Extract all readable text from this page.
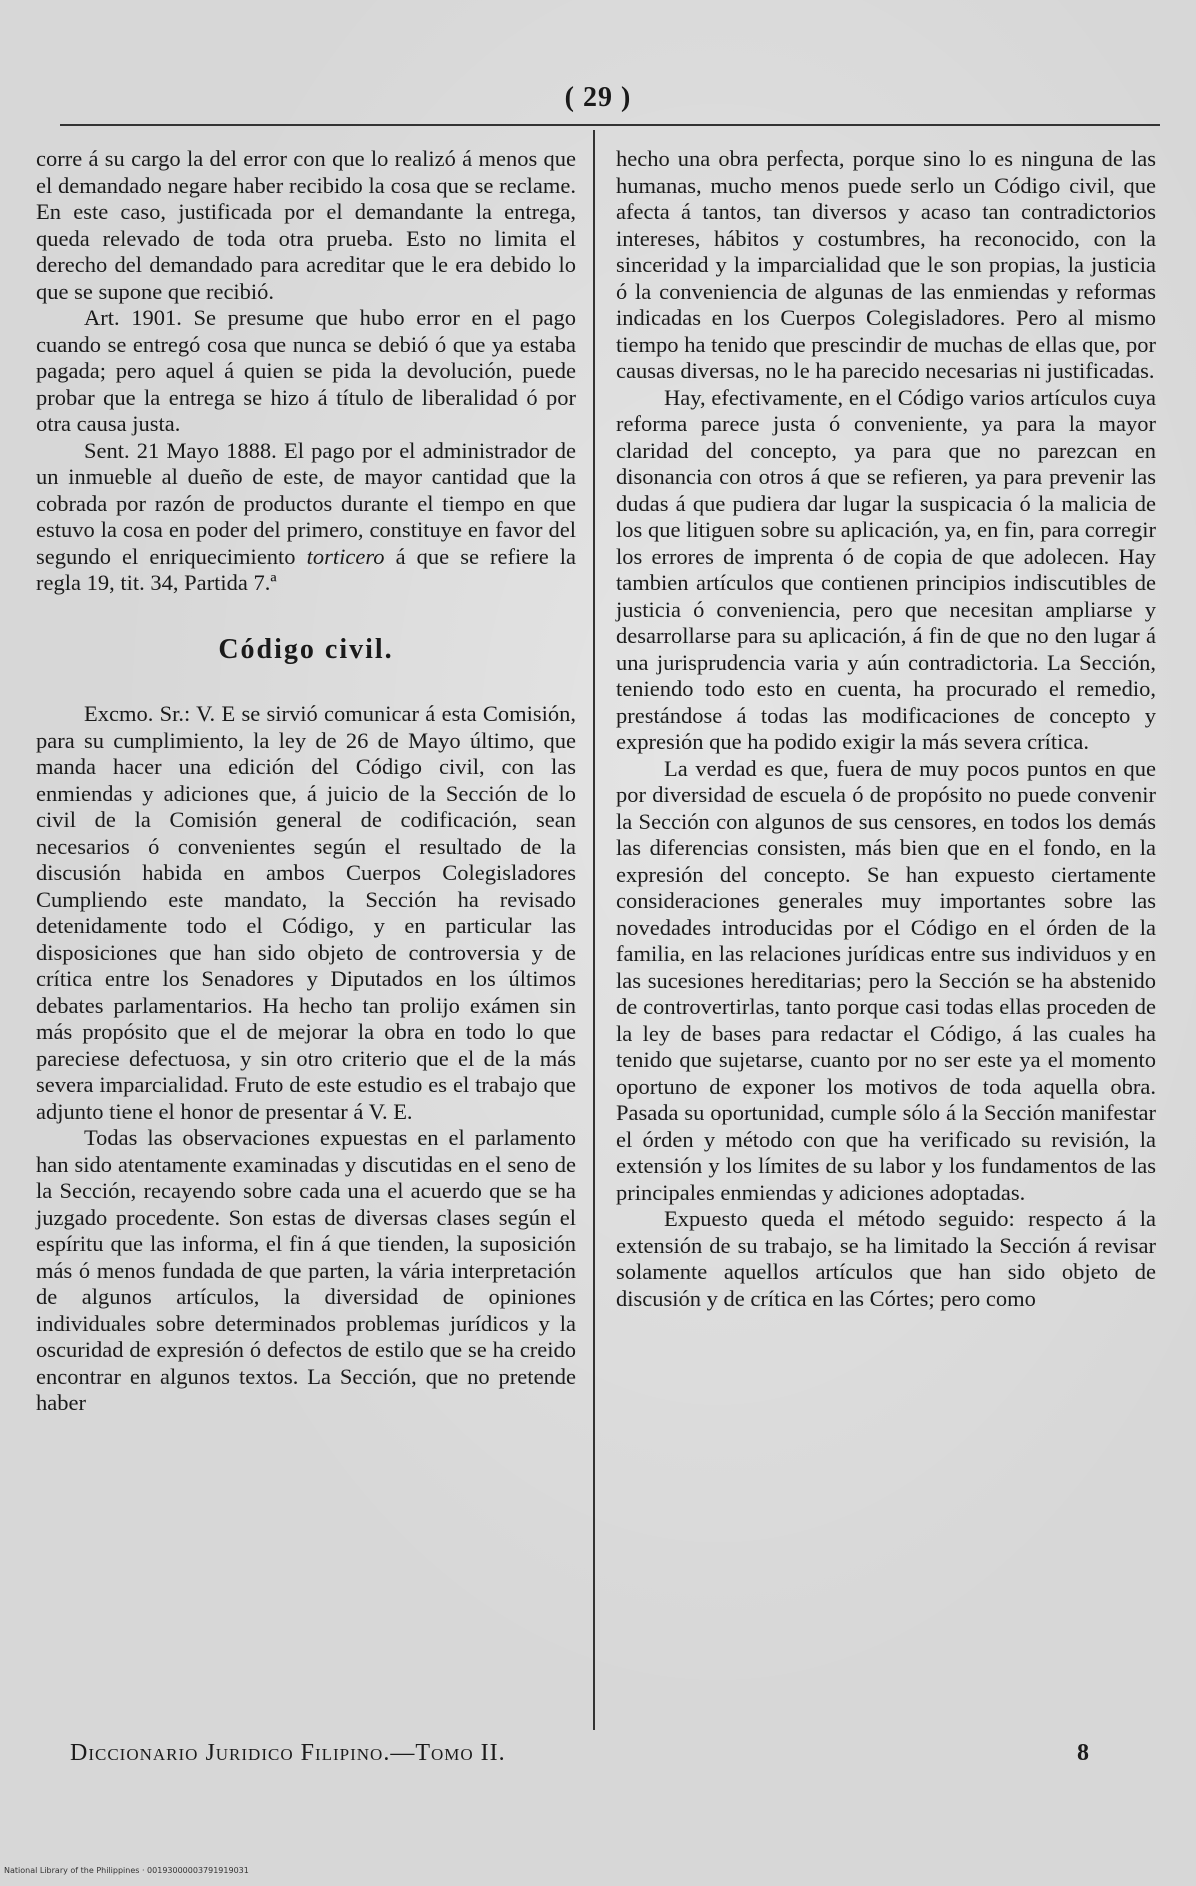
( 29 )

corre á su cargo la del error con que lo realizó á menos que el demandado negare haber recibido la cosa que se reclame. En este caso, justificada por el demandante la entrega, queda relevado de toda otra prueba. Esto no limita el derecho del demandado para acreditar que le era debido lo que se supone que recibió.

Art. 1901. Se presume que hubo error en el pago cuando se entregó cosa que nunca se debió ó que ya estaba pagada; pero aquel á quien se pida la devolución, puede probar que la entrega se hizo á título de liberalidad ó por otra causa justa.

Sent. 21 Mayo 1888. El pago por el administrador de un inmueble al dueño de este, de mayor cantidad que la cobrada por razón de productos durante el tiempo en que estuvo la cosa en poder del primero, constituye en favor del segundo el enriquecimiento torticero á que se refiere la regla 19, tit. 34, Partida 7.ª

Código civil.

Excmo. Sr.: V. E se sirvió comunicar á esta Comisión, para su cumplimiento, la ley de 26 de Mayo último, que manda hacer una edición del Código civil, con las enmiendas y adiciones que, á juicio de la Sección de lo civil de la Comisión general de codificación, sean necesarios ó convenientes según el resultado de la discusión habida en ambos Cuerpos Colegisladores Cumpliendo este mandato, la Sección ha revisado detenidamente todo el Código, y en particular las disposiciones que han sido objeto de controversia y de crítica entre los Senadores y Diputados en los últimos debates parlamentarios. Ha hecho tan prolijo exámen sin más propósito que el de mejorar la obra en todo lo que pareciese defectuosa, y sin otro criterio que el de la más severa imparcialidad. Fruto de este estudio es el trabajo que adjunto tiene el honor de presentar á V. E.

Todas las observaciones expuestas en el parlamento han sido atentamente examinadas y discutidas en el seno de la Sección, recayendo sobre cada una el acuerdo que se ha juzgado procedente. Son estas de diversas clases según el espíritu que las informa, el fin á que tienden, la suposición más ó menos fundada de que parten, la vária interpretación de algunos artículos, la diversidad de opiniones individuales sobre determinados problemas jurídicos y la oscuridad de expresión ó defectos de estilo que se ha creido encontrar en algunos textos. La Sección, que no pretende haber

hecho una obra perfecta, porque sino lo es ninguna de las humanas, mucho menos puede serlo un Código civil, que afecta á tantos, tan diversos y acaso tan contradictorios intereses, hábitos y costumbres, ha reconocido, con la sinceridad y la imparcialidad que le son propias, la justicia ó la conveniencia de algunas de las enmiendas y reformas indicadas en los Cuerpos Colegisladores. Pero al mismo tiempo ha tenido que prescindir de muchas de ellas que, por causas diversas, no le ha parecido necesarias ni justificadas.

Hay, efectivamente, en el Código varios artículos cuya reforma parece justa ó conveniente, ya para la mayor claridad del concepto, ya para que no parezcan en disonancia con otros á que se refieren, ya para prevenir las dudas á que pudiera dar lugar la suspicacia ó la malicia de los que litiguen sobre su aplicación, ya, en fin, para corregir los errores de imprenta ó de copia de que adolecen. Hay tambien artículos que contienen principios indiscutibles de justicia ó conveniencia, pero que necesitan ampliarse y desarrollarse para su aplicación, á fin de que no den lugar á una jurisprudencia varia y aún contradictoria. La Sección, teniendo todo esto en cuenta, ha procurado el remedio, prestándose á todas las modificaciones de concepto y expresión que ha podido exigir la más severa crítica.

La verdad es que, fuera de muy pocos puntos en que por diversidad de escuela ó de propósito no puede convenir la Sección con algunos de sus censores, en todos los demás las diferencias consisten, más bien que en el fondo, en la expresión del concepto. Se han expuesto ciertamente consideraciones generales muy importantes sobre las novedades introducidas por el Código en el órden de la familia, en las relaciones jurídicas entre sus individuos y en las sucesiones hereditarias; pero la Sección se ha abstenido de controvertirlas, tanto porque casi todas ellas proceden de la ley de bases para redactar el Código, á las cuales ha tenido que sujetarse, cuanto por no ser este ya el momento oportuno de exponer los motivos de toda aquella obra. Pasada su oportunidad, cumple sólo á la Sección manifestar el órden y método con que ha verificado su revisión, la extensión y los límites de su labor y los fundamentos de las principales enmiendas y adiciones adoptadas.

Expuesto queda el método seguido: respecto á la extensión de su trabajo, se ha limitado la Sección á revisar solamente aquellos artículos que han sido objeto de discusión y de crítica en las Córtes; pero como

Diccionario Juridico Filipino.—Tomo II.	8
National Library of the Philippines · 00193000003791919031
